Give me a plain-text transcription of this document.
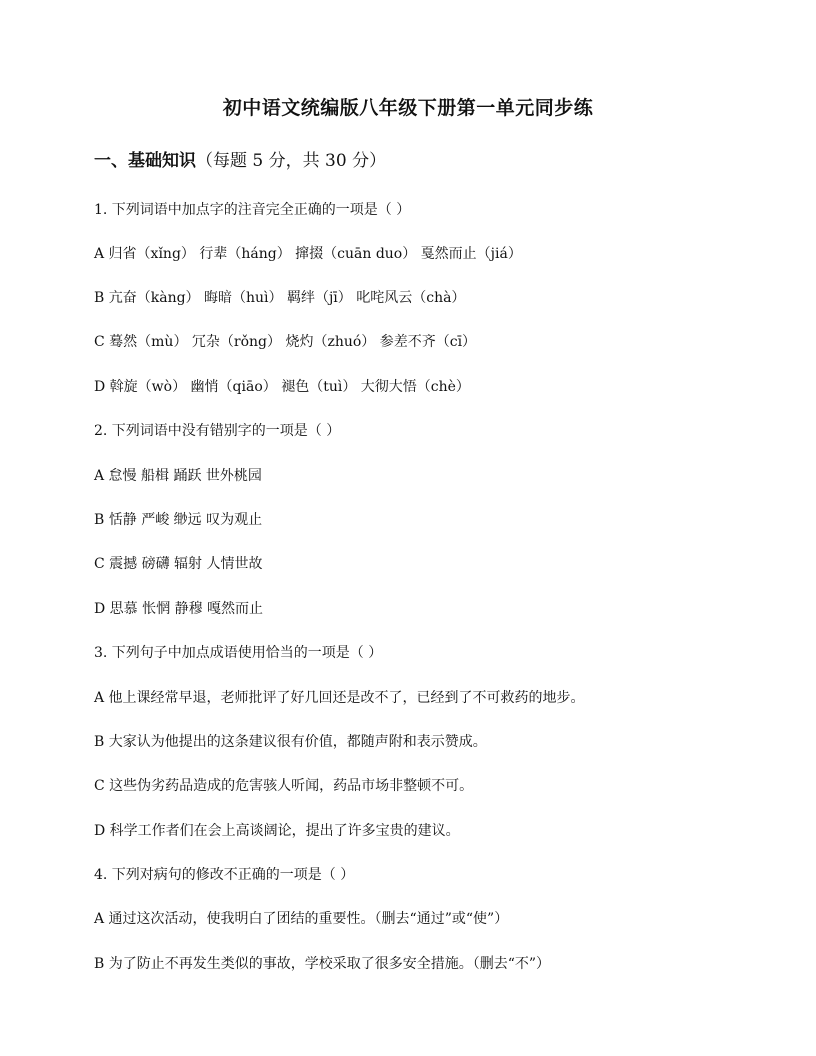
初中语文统编版八年级下册第一单元同步练
一、基础知识（每题 5 分，共 30 分）
1. 下列词语中加点字的注音完全正确的一项是（ ）
A 归省（xǐng） 行辈（háng） 撺掇（cuān duo） 戛然而止（jiá）
B 亢奋（kàng） 晦暗（huì） 羁绊（jī） 叱咤风云（chà）
C 蓦然（mù） 冗杂（rǒng） 烧灼（zhuó） 参差不齐（cī）
D 斡旋（wò） 幽悄（qiāo） 褪色（tuì） 大彻大悟（chè）
2. 下列词语中没有错别字的一项是（ ）
A 怠慢 船楫 踊跃 世外桃园
B 恬静 严峻 缈远 叹为观止
C 震撼 磅礴 辐射 人情世故
D 思慕 怅惘 静穆 嘎然而止
3. 下列句子中加点成语使用恰当的一项是（ ）
A 他上课经常早退，老师批评了好几回还是改不了，已经到了不可救药的地步。
B 大家认为他提出的这条建议很有价值，都随声附和表示赞成。
C 这些伪劣药品造成的危害骇人听闻，药品市场非整顿不可。
D 科学工作者们在会上高谈阔论，提出了许多宝贵的建议。
4. 下列对病句的修改不正确的一项是（ ）
A 通过这次活动，使我明白了团结的重要性。（删去“通过”或“使”）
B 为了防止不再发生类似的事故，学校采取了很多安全措施。（删去“不”）
